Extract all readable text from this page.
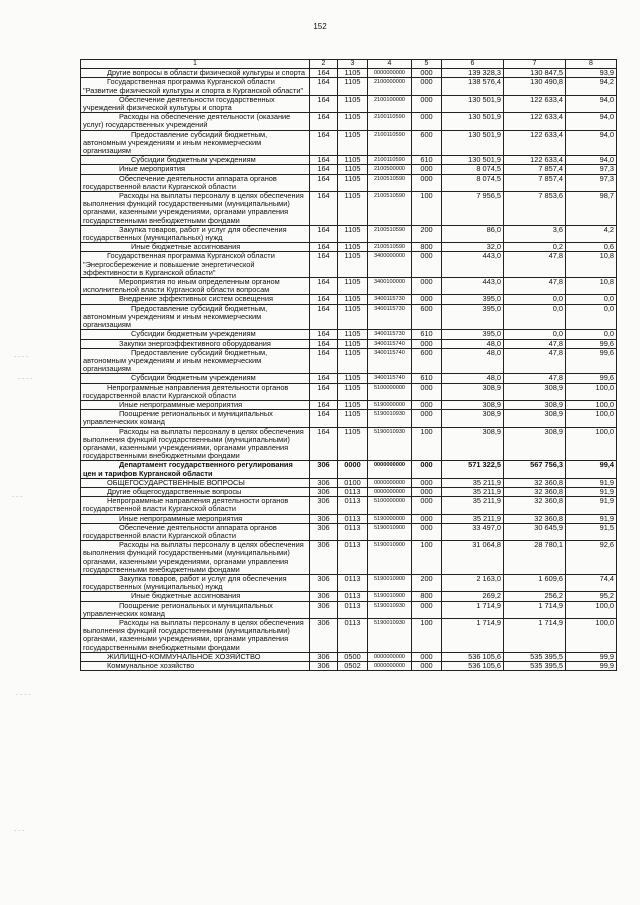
152
- - - -
- - - -
- - -
- - - -
- - -
1	2	3	4	5	6	7	8
Другие вопросы в области физической культуры и спорта	164	1105	0000000000	000	139 328,3	130 847,5	93,9
Государственная программа Курганской области "Развитие физической культуры и спорта в Курганской области"	164	1105	2100000000	000	138 576,4	130 490,8	94,2
Обеспечение деятельности государственных учреждений физической культуры и спорта	164	1105	2100100000	000	130 501,9	122 633,4	94,0
Расходы на обеспечение деятельности (оказание услуг) государственных учреждений	164	1105	2100110590	000	130 501,9	122 633,4	94,0
Предоставление субсидий бюджетным, автономным учреждениям и иным некоммерческим организациям	164	1105	2100110590	600	130 501,9	122 633,4	94,0
Субсидии бюджетным учреждениям	164	1105	2100110590	610	130 501,9	122 633,4	94,0
Иные мероприятия	164	1105	2100500000	000	8 074,5	7 857,4	97,3
Обеспечение деятельности аппарата органов государственной власти Курганской области	164	1105	2100510590	000	8 074,5	7 857,4	97,3
Расходы на выплаты персоналу в целях обеспечения выполнения функций государственными (муниципальными) органами, казенными учреждениями, органами управления государственными внебюджетными фондами	164	1105	2100510590	100	7 956,5	7 853,6	98,7
Закупка товаров, работ и услуг для обеспечения государственных (муниципальных) нужд	164	1105	2100510590	200	86,0	3,6	4,2
Иные бюджетные ассигнования	164	1105	2100510590	800	32,0	0,2	0,6
Государственная программа Курганской области "Энергосбережение и повышение энергетической эффективности в Курганской области"	164	1105	3400000000	000	443,0	47,8	10,8
Мероприятия по иным определенным органом исполнительной власти Курганской области вопросам	164	1105	3400100000	000	443,0	47,8	10,8
Внедрение эффективных систем освещения	164	1105	3400115730	000	395,0	0,0	0,0
Предоставление субсидий бюджетным, автономным учреждениям и иным некоммерческим организациям	164	1105	3400115730	600	395,0	0,0	0,0
Субсидии бюджетным учреждениям	164	1105	3400115730	610	395,0	0,0	0,0
Закупки энергоэффективного оборудования	164	1105	3400115740	000	48,0	47,8	99,6
Предоставление субсидий бюджетным, автономным учреждениям и иным некоммерческим организациям	164	1105	3400115740	600	48,0	47,8	99,6
Субсидии бюджетным учреждениям	164	1105	3400115740	610	48,0	47,8	99,6
Непрограммные направления деятельности органов государственной власти Курганской области	164	1105	5100000000	000	308,9	308,9	100,0
Иные непрограммные мероприятия	164	1105	5190000000	000	308,9	308,9	100,0
Поощрение региональных и муниципальных управленческих команд	164	1105	5190010930	000	308,9	308,9	100,0
Расходы на выплаты персоналу в целях обеспечения выполнения функций государственными (муниципальными) органами, казенными учреждениями, органами управления государственными внебюджетными фондами	164	1105	5190010930	100	308,9	308,9	100,0
Департамент государственного регулирования цен и тарифов Курганской области	306	0000	0000000000	000	571 322,5	567 756,3	99,4
ОБЩЕГОСУДАРСТВЕННЫЕ ВОПРОСЫ	306	0100	0000000000	000	35 211,9	32 360,8	91,9
Другие общегосударственные вопросы	306	0113	0000000000	000	35 211,9	32 360,8	91,9
Непрограммные направления деятельности органов государственной власти Курганской области	306	0113	5100000000	000	35 211,9	32 360,8	91,9
Иные непрограммные мероприятия	306	0113	5190000000	000	35 211,9	32 360,8	91,9
Обеспечение деятельности аппарата органов государственной власти Курганской области	306	0113	5190010900	000	33 497,0	30 645,9	91,5
Расходы на выплаты персоналу в целях обеспечения выполнения функций государственными (муниципальными) органами, казенными учреждениями, органами управления государственными внебюджетными фондами	306	0113	5190010900	100	31 064,8	28 780,1	92,6
Закупка товаров, работ и услуг для обеспечения государственных (муниципальных) нужд	306	0113	5190010900	200	2 163,0	1 609,6	74,4
Иные бюджетные ассигнования	306	0113	5190010900	800	269,2	256,2	95,2
Поощрение региональных и муниципальных управленческих команд	306	0113	5190010930	000	1 714,9	1 714,9	100,0
Расходы на выплаты персоналу в целях обеспечения выполнения функций государственными (муниципальными) органами, казенными учреждениями, органами управления государственными внебюджетными фондами	306	0113	5190010930	100	1 714,9	1 714,9	100,0
ЖИЛИЩНО-КОММУНАЛЬНОЕ ХОЗЯЙСТВО	306	0500	0000000000	000	536 105,6	535 395,5	99,9
Коммунальное хозяйство	306	0502	0000000000	000	536 105,6	535 395,5	99,9
